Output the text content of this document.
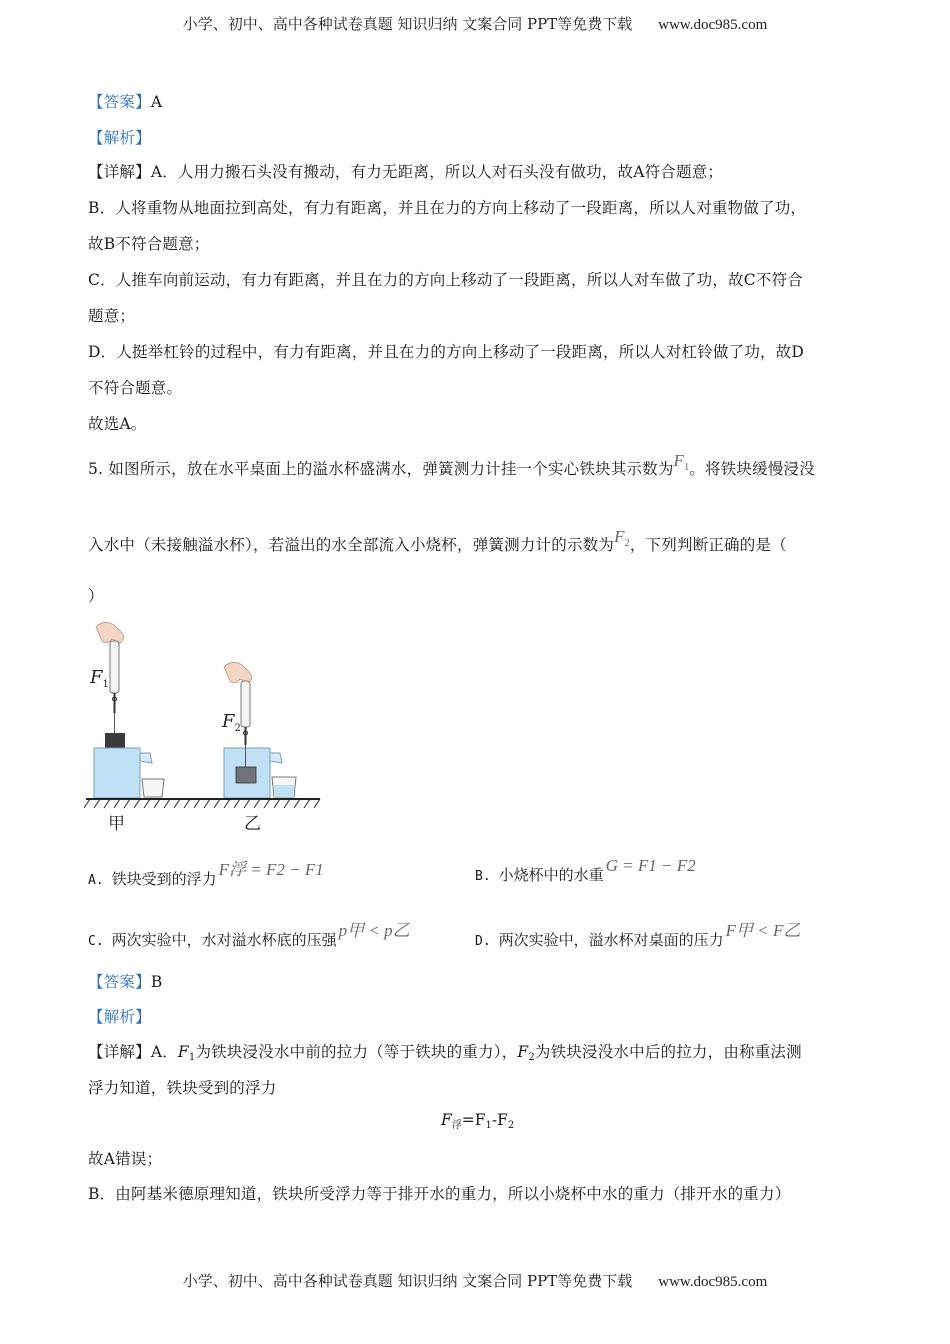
小学、初中、高中各种试卷真题 知识归纳 文案合同 PPT等免费下载 www.doc985.com
【答案】A
【解析】
【详解】A．人用力搬石头没有搬动，有力无距离，所以人对石头没有做功，故A符合题意；
B．人将重物从地面拉到高处，有力有距离，并且在力的方向上移动了一段距离，所以人对重物做了功，
故B不符合题意；
C．人推车向前运动，有力有距离，并且在力的方向上移动了一段距离，所以人对车做了功，故C不符合
题意；
D．人挺举杠铃的过程中，有力有距离，并且在力的方向上移动了一段距离，所以人对杠铃做了功，故D
不符合题意。
故选A。
5. 如图所示，放在水平桌面上的溢水杯盛满水，弹簧测力计挂一个实心铁块其示数为$F_1$。将铁块缓慢浸没
入水中（未接触溢水杯），若溢出的水全部流入小烧杯，弹簧测力计的示数为$F_2$，下列判断正确的是（
）
$F_1$
$F_2$
甲	乙
A. 铁块受到的浮力 F浮 = F2 − F1	B. 小烧杯中的水重 G = F1 − F2
C. 两次实验中，水对溢水杯底的压强 p甲 < p乙
D. 两次实验中，溢水杯对桌面的压力 F甲 < F乙
【答案】B
【解析】
【详解】A．F1为铁块浸没水中前的拉力（等于铁块的重力），F2为铁块浸没水中后的拉力，由称重法测
浮力知道，铁块受到的浮力
F浮=F1-F2
故A错误；
B．由阿基米德原理知道，铁块所受浮力等于排开水的重力，所以小烧杯中水的重力（排开水的重力）
小学、初中、高中各种试卷真题 知识归纳 文案合同 PPT等免费下载 www.doc985.com
